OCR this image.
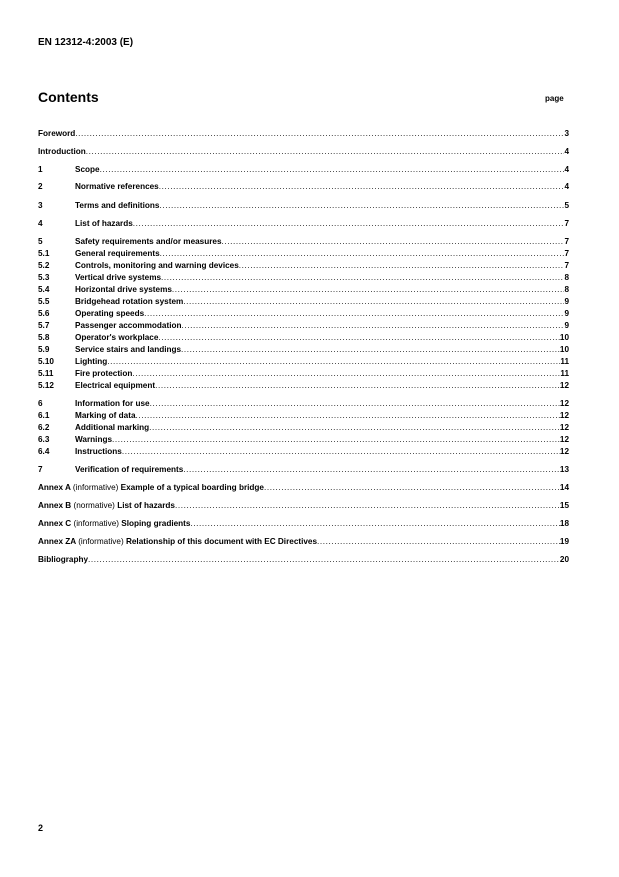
EN 12312-4:2003 (E)
Contents	page
Foreword .....	3
Introduction .....	4
1	Scope .....	4
2	Normative references .....	4
3	Terms and definitions .....	5
4	List of hazards .....	7
5	Safety requirements and/or measures .....	7
5.1	General requirements .....	7
5.2	Controls, monitoring and warning devices .....	7
5.3	Vertical drive systems .....	8
5.4	Horizontal drive systems .....	8
5.5	Bridgehead rotation system .....	9
5.6	Operating speeds .....	9
5.7	Passenger accommodation .....	9
5.8	Operator's workplace .....	10
5.9	Service stairs and landings .....	10
5.10	Lighting .....	11
5.11	Fire protection .....	11
5.12	Electrical equipment .....	12
6	Information for use .....	12
6.1	Marking of data .....	12
6.2	Additional marking .....	12
6.3	Warnings .....	12
6.4	Instructions .....	12
7	Verification of requirements .....	13
Annex A (informative) Example of a typical boarding bridge .....	14
Annex B (normative) List of hazards .....	15
Annex C (informative) Sloping gradients .....	18
Annex ZA (informative) Relationship of this document with EC Directives .....	19
Bibliography .....	20
2
